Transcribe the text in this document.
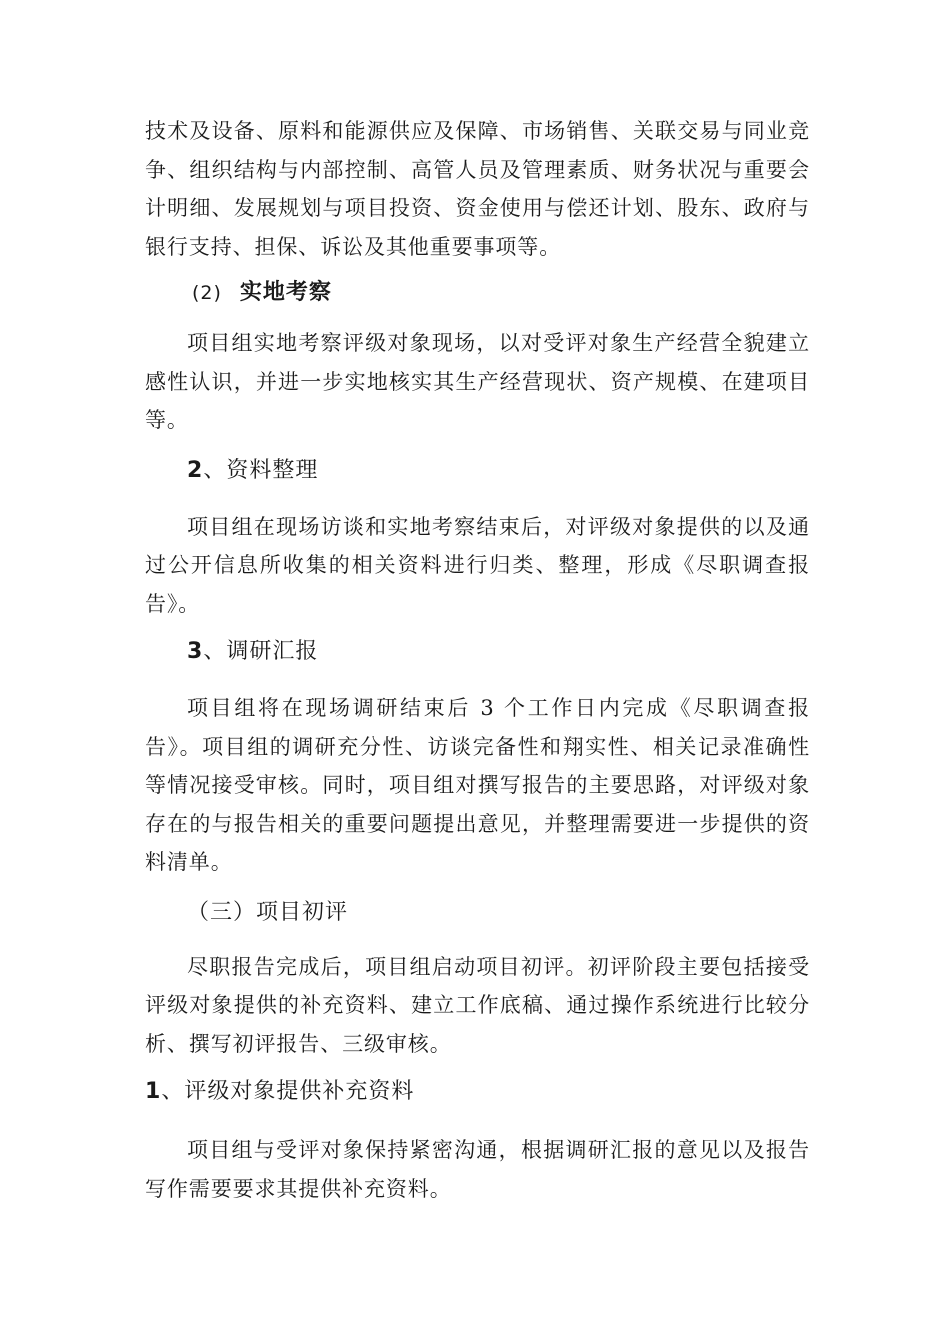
技术及设备、原料和能源供应及保障、市场销售、关联交易与同业竞争、组织结构与内部控制、高管人员及管理素质、财务状况与重要会计明细、发展规划与项目投资、资金使用与偿还计划、股东、政府与银行支持、担保、诉讼及其他重要事项等。

(2) 实地考察

项目组实地考察评级对象现场，以对受评对象生产经营全貌建立感性认识，并进一步实地核实其生产经营现状、资产规模、在建项目等。

2、资料整理

项目组在现场访谈和实地考察结束后，对评级对象提供的以及通过公开信息所收集的相关资料进行归类、整理，形成《尽职调查报告》。

3、调研汇报

项目组将在现场调研结束后 3 个工作日内完成《尽职调查报告》。项目组的调研充分性、访谈完备性和翔实性、相关记录准确性等情况接受审核。同时，项目组对撰写报告的主要思路，对评级对象存在的与报告相关的重要问题提出意见，并整理需要进一步提供的资料清单。

（三）项目初评

尽职报告完成后，项目组启动项目初评。初评阶段主要包括接受评级对象提供的补充资料、建立工作底稿、通过操作系统进行比较分析、撰写初评报告、三级审核。

1、评级对象提供补充资料

项目组与受评对象保持紧密沟通，根据调研汇报的意见以及报告写作需要要求其提供补充资料。
